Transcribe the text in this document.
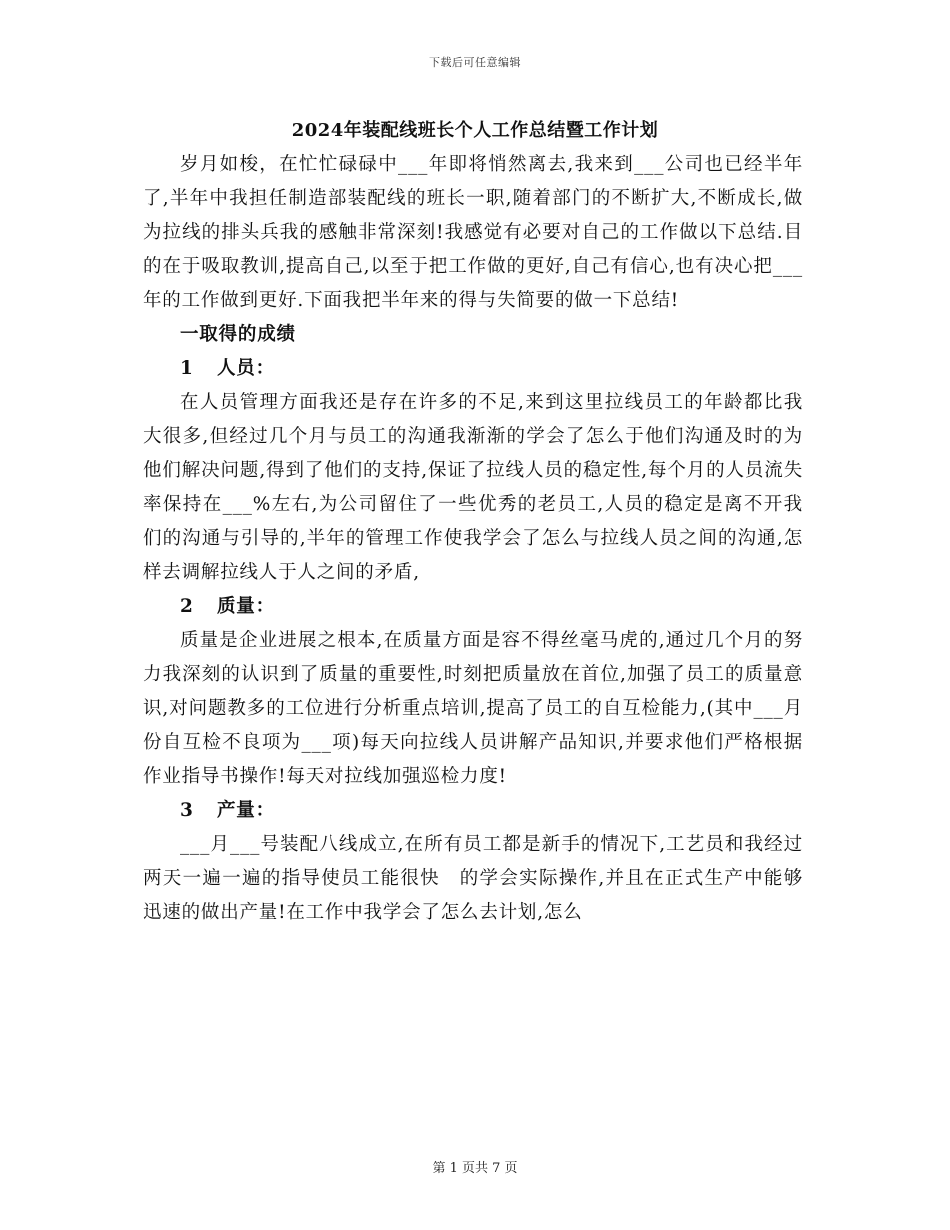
下载后可任意编辑
2024年装配线班长个人工作总结暨工作计划

岁月如梭，在忙忙碌碌中___年即将悄然离去,我来到___公司也已经半年了,半年中我担任制造部装配线的班长一职,随着部门的不断扩大,不断成长,做为拉线的排头兵我的感触非常深刻!我感觉有必要对自己的工作做以下总结.目的在于吸取教训,提高自己,以至于把工作做的更好,自己有信心,也有决心把___年的工作做到更好.下面我把半年来的得与失简要的做一下总结!

一取得的成绩

1 人员：

在人员管理方面我还是存在许多的不足,来到这里拉线员工的年龄都比我大很多,但经过几个月与员工的沟通我渐渐的学会了怎么于他们沟通及时的为他们解决问题,得到了他们的支持,保证了拉线人员的稳定性,每个月的人员流失率保持在___%左右,为公司留住了一些优秀的老员工,人员的稳定是离不开我们的沟通与引导的,半年的管理工作使我学会了怎么与拉线人员之间的沟通,怎样去调解拉线人于人之间的矛盾,

2 质量：

质量是企业进展之根本,在质量方面是容不得丝毫马虎的,通过几个月的努力我深刻的认识到了质量的重要性,时刻把质量放在首位,加强了员工的质量意识,对问题教多的工位进行分析重点培训,提高了员工的自互检能力,(其中___月份自互检不良项为___项)每天向拉线人员讲解产品知识,并要求他们严格根据作业指导书操作!每天对拉线加强巡检力度!

3 产量：

___月___号装配八线成立,在所有员工都是新手的情况下,工艺员和我经过两天一遍一遍的指导使员工能很快　的学会实际操作,并且在正式生产中能够迅速的做出产量!在工作中我学会了怎么去计划,怎么

第 1 页共 7 页
